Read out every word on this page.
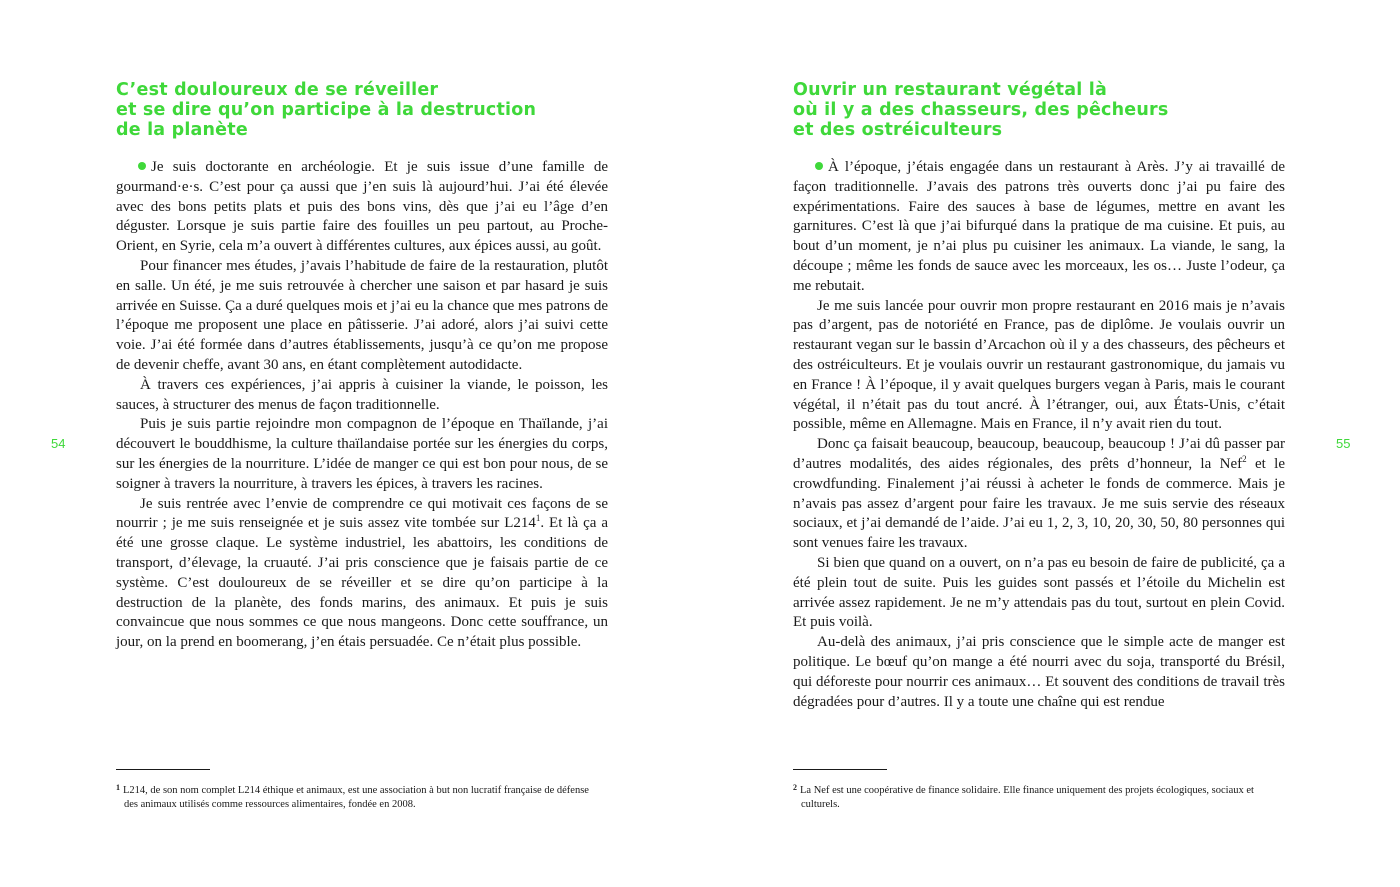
C’est douloureux de se réveiller
et se dire qu’on participe à la destruction
de la planète

Je suis doctorante en archéologie. Et je suis issue d’une famille de gourmand·e·s. C’est pour ça aussi que j’en suis là aujourd’hui. J’ai été élevée avec des bons petits plats et puis des bons vins, dès que j’ai eu l’âge d’en déguster. Lorsque je suis partie faire des fouilles un peu partout, au Proche-Orient, en Syrie, cela m’a ouvert à différentes cultures, aux épices aussi, au goût.

Pour financer mes études, j’avais l’habitude de faire de la restauration, plutôt en salle. Un été, je me suis retrouvée à chercher une saison et par hasard je suis arrivée en Suisse. Ça a duré quelques mois et j’ai eu la chance que mes patrons de l’époque me proposent une place en pâtisserie. J’ai adoré, alors j’ai suivi cette voie. J’ai été formée dans d’autres établissements, jusqu’à ce qu’on me propose de devenir cheffe, avant 30 ans, en étant complètement autodidacte.

À travers ces expériences, j’ai appris à cuisiner la viande, le poisson, les sauces, à structurer des menus de façon traditionnelle.

Puis je suis partie rejoindre mon compagnon de l’époque en Thaïlande, j’ai découvert le bouddhisme, la culture thaïlandaise portée sur les énergies du corps, sur les énergies de la nourriture. L’idée de manger ce qui est bon pour nous, de se soigner à travers la nourriture, à travers les épices, à travers les racines.

Je suis rentrée avec l’envie de comprendre ce qui motivait ces façons de se nourrir ; je me suis renseignée et je suis assez vite tombée sur $L214^1$. Et là ça a été une grosse claque. Le système industriel, les abattoirs, les conditions de transport, d’élevage, la cruauté. J’ai pris conscience que je faisais partie de ce système. C’est douloureux de se réveiller et se dire qu’on participe à la destruction de la planète, des fonds marins, des animaux. Et puis je suis convaincue que nous sommes ce que nous mangeons. Donc cette souffrance, un jour, on la prend en boomerang, j’en étais persuadée. Ce n’était plus possible.

54
$^1$ L214, de son nom complet L214 éthique et animaux, est une association à but non lucratif française de défense des animaux utilisés comme ressources alimentaires, fondée en 2008.
Ouvrir un restaurant végétal là
où il y a des chasseurs, des pêcheurs
et des ostréiculteurs

À l’époque, j’étais engagée dans un restaurant à Arès. J’y ai travaillé de façon traditionnelle. J’avais des patrons très ouverts donc j’ai pu faire des expérimentations. Faire des sauces à base de légumes, mettre en avant les garnitures. C’est là que j’ai bifurqué dans la pratique de ma cuisine. Et puis, au bout d’un moment, je n’ai plus pu cuisiner les animaux. La viande, le sang, la découpe ; même les fonds de sauce avec les morceaux, les os… Juste l’odeur, ça me rebutait.

Je me suis lancée pour ouvrir mon propre restaurant en 2016 mais je n’avais pas d’argent, pas de notoriété en France, pas de diplôme. Je voulais ouvrir un restaurant vegan sur le bassin d’Arcachon où il y a des chasseurs, des pêcheurs et des ostréiculteurs. Et je voulais ouvrir un restaurant gastronomique, du jamais vu en France ! À l’époque, il y avait quelques burgers vegan à Paris, mais le courant végétal, il n’était pas du tout ancré. À l’étranger, oui, aux États-Unis, c’était possible, même en Allemagne. Mais en France, il n’y avait rien du tout.

Donc ça faisait beaucoup, beaucoup, beaucoup, beaucoup ! J’ai dû passer par d’autres modalités, des aides régionales, des prêts d’honneur, la Nef$^2$ et le crowdfunding. Finalement j’ai réussi à acheter le fonds de commerce. Mais je n’avais pas assez d’argent pour faire les travaux. Je me suis servie des réseaux sociaux, et j’ai demandé de l’aide. J’ai eu 1, 2, 3, 10, 20, 30, 50, 80 personnes qui sont venues faire les travaux.

Si bien que quand on a ouvert, on n’a pas eu besoin de faire de publicité, ça a été plein tout de suite. Puis les guides sont passés et l’étoile du Michelin est arrivée assez rapidement. Je ne m’y attendais pas du tout, surtout en plein Covid. Et puis voilà.

Au-delà des animaux, j’ai pris conscience que le simple acte de manger est politique. Le bœuf qu’on mange a été nourri avec du soja, transporté du Brésil, qui déforeste pour nourrir ces animaux… Et souvent des conditions de travail très dégradées pour d’autres. Il y a toute une chaîne qui est rendue

55
$^2$ La Nef est une coopérative de finance solidaire. Elle finance uniquement des projets écologiques, sociaux et culturels.
